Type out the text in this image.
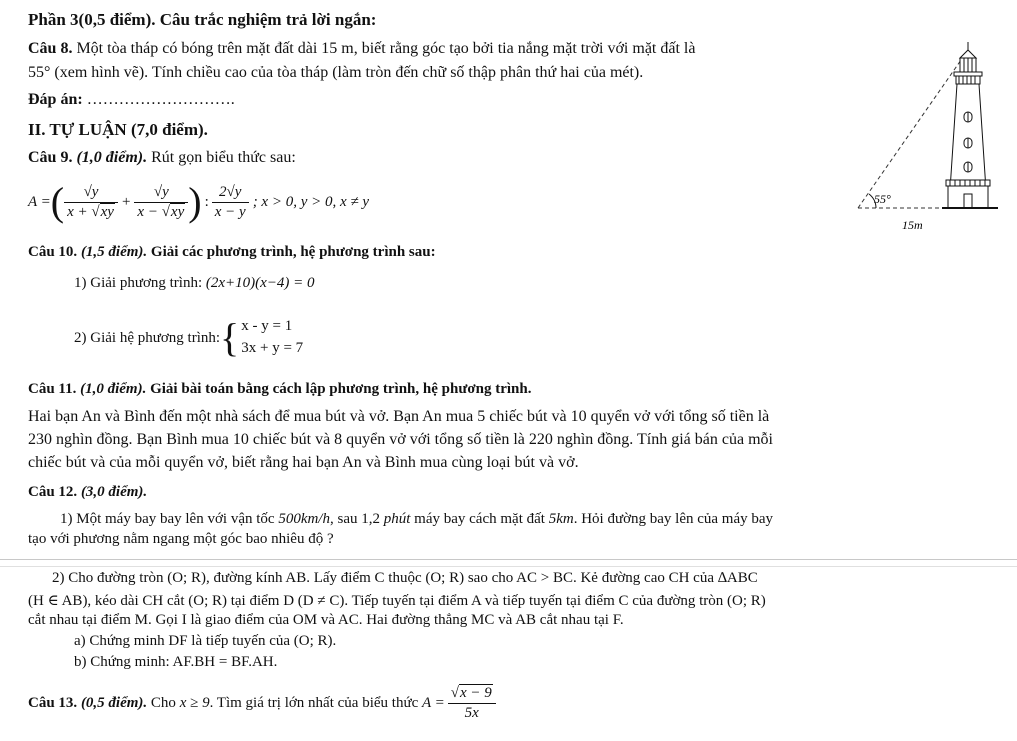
Phần 3(0,5 điểm). Câu trắc nghiệm trả lời ngắn:
Câu 8. Một tòa tháp có bóng trên mặt đất dài 15 m, biết rằng góc tạo bởi tia nắng mặt trời với mặt đất là
55° (xem hình vẽ). Tính chiều cao của tòa tháp (làm tròn đến chữ số thập phân thứ hai của mét).
Đáp án: ……………………….
55°
15m
II. TỰ LUẬN (7,0 điểm).
Câu 9. (1,0 điểm). Rút gọn biểu thức sau:
A = ( $\frac{√y}{x + √xy} + \frac{√y}{x - √xy}$ ) : $\frac{2√y}{x - y}$ ; x > 0, y > 0, x ≠ y
Câu 10. (1,5 điểm). Giải các phương trình, hệ phương trình sau:
1) Giải phương trình: (2x+10)(x−4) = 0
2) Giải hệ phương trình: { x - y = 1
3x + y = 7
Câu 11. (1,0 điểm). Giải bài toán bằng cách lập phương trình, hệ phương trình.
Hai bạn An và Bình đến một nhà sách để mua bút và vở. Bạn An mua 5 chiếc bút và 10 quyển vở với tổng số tiền là
230 nghìn đồng. Bạn Bình mua 10 chiếc bút và 8 quyển vở với tổng số tiền là 220 nghìn đồng. Tính giá bán của mỗi
chiếc bút và của mỗi quyển vở, biết rằng hai bạn An và Bình mua cùng loại bút và vở.
Câu 12. (3,0 điểm).
1) Một máy bay bay lên với vận tốc 500km/h, sau 1,2 phút máy bay cách mặt đất 5km. Hỏi đường bay lên của máy bay
tạo với phương nằm ngang một góc bao nhiêu độ ?
2) Cho đường tròn (O; R), đường kính AB. Lấy điểm C thuộc (O; R) sao cho AC > BC. Kẻ đường cao CH của ∆ABC
(H ∈ AB), kéo dài CH cắt (O; R) tại điểm D (D ≠ C). Tiếp tuyến tại điểm A và tiếp tuyến tại điểm C của đường tròn (O; R)
cắt nhau tại điểm M. Gọi I là giao điểm của OM và AC. Hai đường thẳng MC và AB cắt nhau tại F.
a) Chứng minh DF là tiếp tuyến của (O; R).
b) Chứng minh: AF.BH = BF.AH.
Câu 13. (0,5 điểm). Cho x ≥ 9 . Tìm giá trị lớn nhất của biểu thức $A = \frac{√x - 9}{5x}$
